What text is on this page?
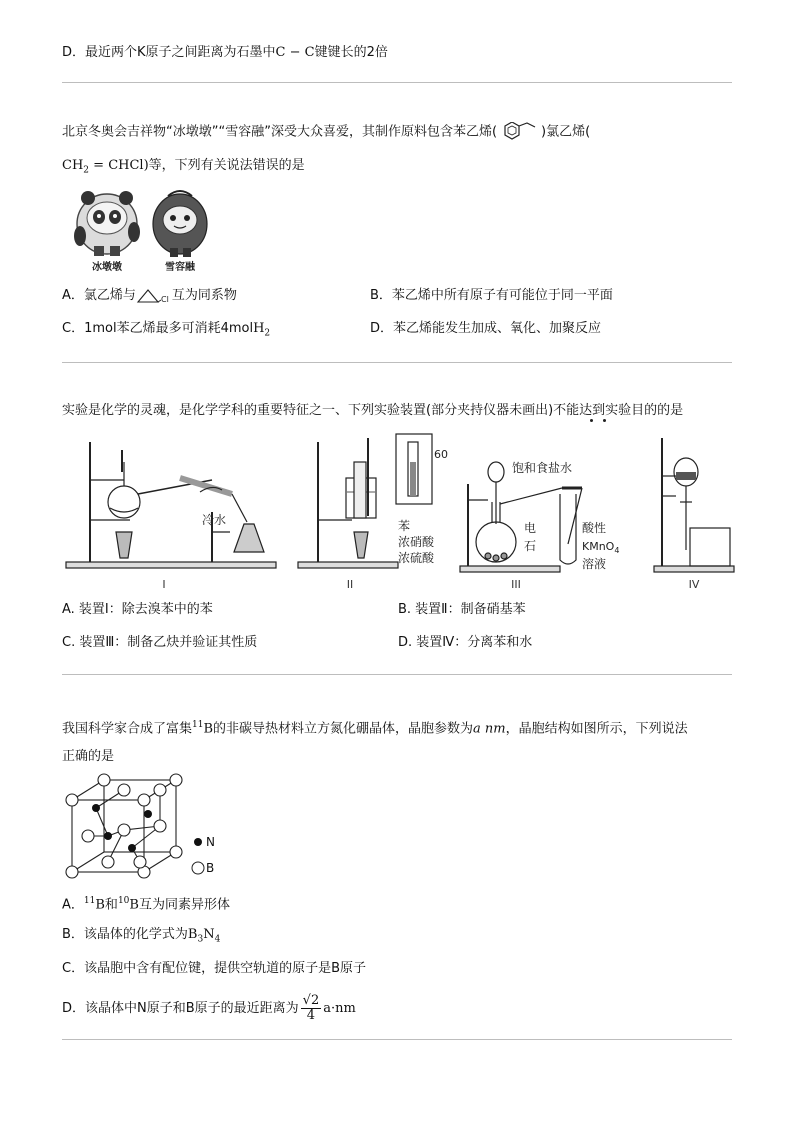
D．最近两个K原子之间距离为石墨中C − C键键长的2倍
北京冬奥会吉祥物“冰墩墩”“雪容融”深受大众喜爱，其制作原料包含苯乙烯(	)氯乙烯(
$CH_2$ = CHCl)等，下列有关说法错误的是
冰墩墩	雪容融
A．氯乙烯与	Cl 互为同系物	B．苯乙烯中所有原子有可能位于同一平面
C．1mol苯乙烯最多可消耗4molH$_2$	D．苯乙烯能发生加成、氧化、加聚反应
实验是化学的灵魂，是化学学科的重要特征之一、下列实验装置(部分夹持仪器未画出)不能达到实验目的的是
冷水
60
苯
浓硝酸
浓硫酸
饱和食盐水
电
石
酸性
KMnO$_4$
溶液
I	II	III	IV
A. 装置Ⅰ：除去溴苯中的苯	B. 装置Ⅱ：制备硝基苯
C. 装置Ⅲ：制备乙炔并验证其性质	D. 装置Ⅳ：分离苯和水
我国科学家合成了富集$^{11}$B的非碳导热材料立方氮化硼晶体，晶胞参数为a nm，晶胞结构如图所示，下列说法
正确的是
N
B
A．$^{11}$B和$^{10}$B互为同素异形体
B．该晶体的化学式为$B_3N_4$
C．该晶胞中含有配位键，提供空轨道的原子是B原子
D．该晶体中N原子和B原子的最近距离为 $\frac{√2}{4} a\cdot nm$
